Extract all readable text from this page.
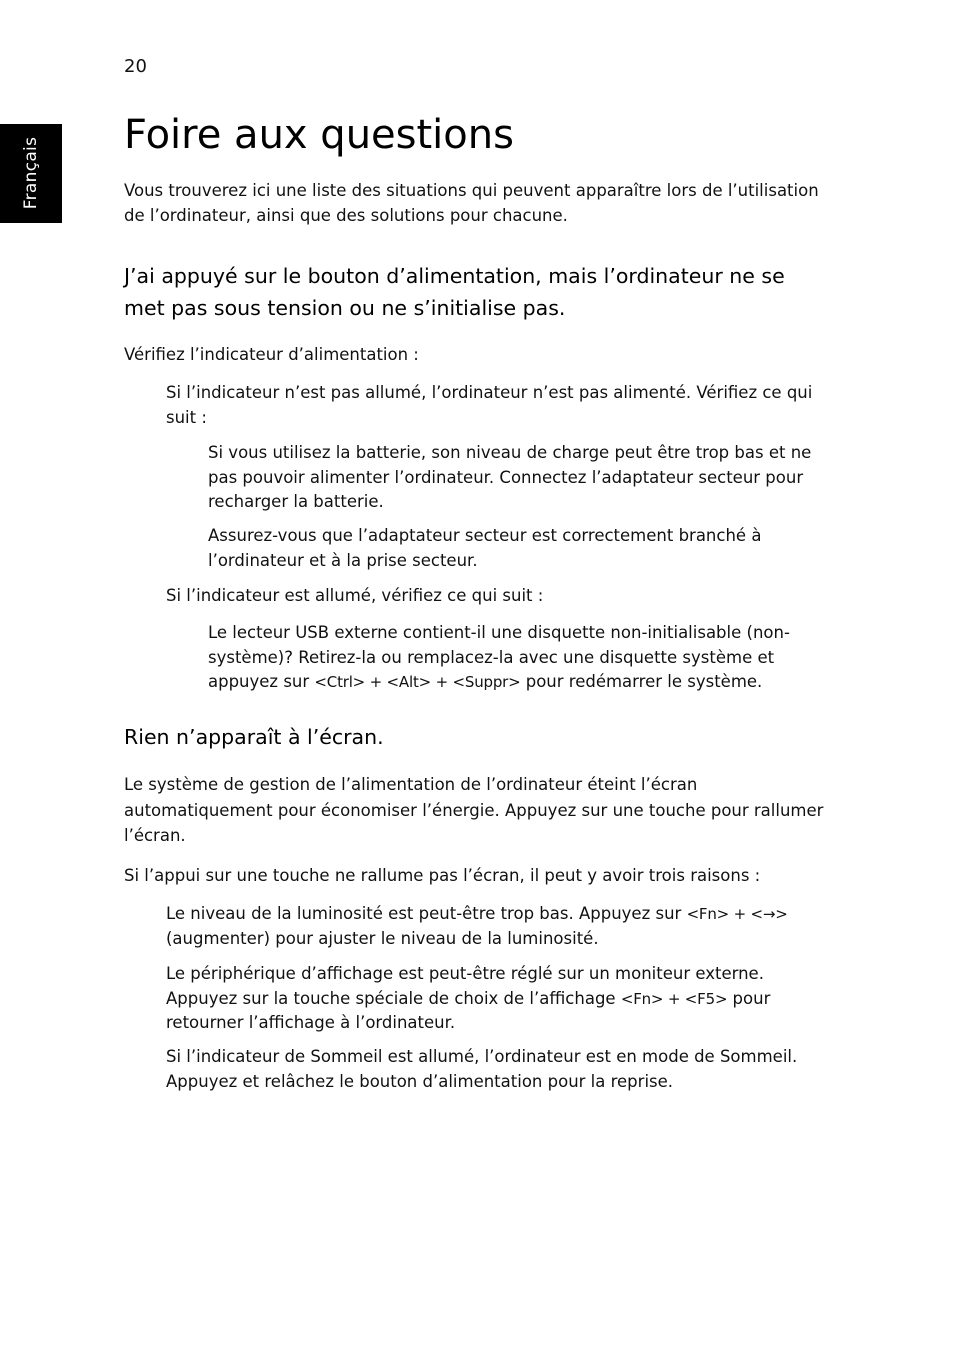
20
Français
Foire aux questions

Vous trouverez ici une liste des situations qui peuvent apparaître lors de l’utilisation de l’ordinateur, ainsi que des solutions pour chacune.

J’ai appuyé sur le bouton d’alimentation, mais l’ordinateur ne se met pas sous tension ou ne s’initialise pas.

Vérifiez l’indicateur d’alimentation :

Si l’indicateur n’est pas allumé, l’ordinateur n’est pas alimenté. Vérifiez ce qui suit :

Si vous utilisez la batterie, son niveau de charge peut être trop bas et ne pas pouvoir alimenter l’ordinateur. Connectez l’adaptateur secteur pour recharger la batterie.

Assurez-vous que l’adaptateur secteur est correctement branché à l’ordinateur et à la prise secteur.

Si l’indicateur est allumé, vérifiez ce qui suit :

Le lecteur USB externe contient-il une disquette non-initialisable (non-système)? Retirez-la ou remplacez-la avec une disquette système et appuyez sur <Ctrl> + <Alt> + <Suppr> pour redémarrer le système.

Rien n’apparaît à l’écran.

Le système de gestion de l’alimentation de l’ordinateur éteint l’écran automatiquement pour économiser l’énergie. Appuyez sur une touche pour rallumer l’écran.

Si l’appui sur une touche ne rallume pas l’écran, il peut y avoir trois raisons :

Le niveau de la luminosité est peut-être trop bas. Appuyez sur <Fn> + <→> (augmenter) pour ajuster le niveau de la luminosité.

Le périphérique d’affichage est peut-être réglé sur un moniteur externe. Appuyez sur la touche spéciale de choix de l’affichage <Fn> + <F5> pour retourner l’affichage à l’ordinateur.

Si l’indicateur de Sommeil est allumé, l’ordinateur est en mode de Sommeil. Appuyez et relâchez le bouton d’alimentation pour la reprise.
